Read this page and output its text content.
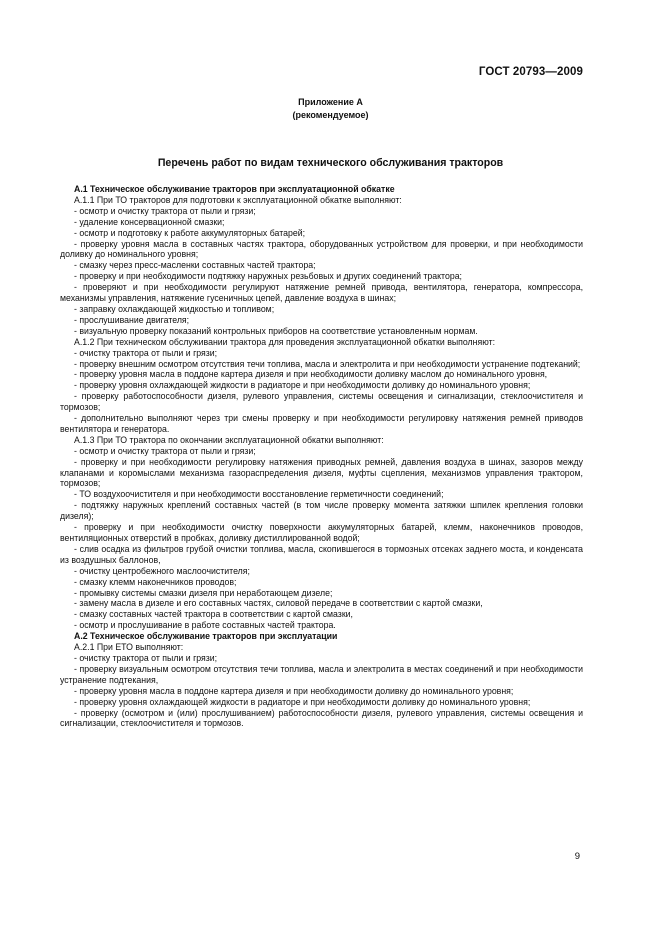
ГОСТ 20793—2009
Приложение А
(рекомендуемое)
Перечень работ по видам технического обслуживания тракторов

А.1 Техническое обслуживание тракторов при эксплуатационной обкатке

А.1.1 При ТО тракторов для подготовки к эксплуатационной обкатке выполняют:

- осмотр и очистку трактора от пыли и грязи;

- удаление консервационной смазки;

- осмотр и подготовку к работе аккумуляторных батарей;

- проверку уровня масла в составных частях трактора, оборудованных устройством для проверки, и при необходимости доливку до номинального уровня;

- смазку через пресс-масленки составных частей трактора;

- проверку и при необходимости подтяжку наружных резьбовых и других соединений трактора;

- проверяют и при необходимости регулируют натяжение ремней привода, вентилятора, генератора, компрессора, механизмы управления, натяжение гусеничных цепей, давление воздуха в шинах;

- заправку охлаждающей жидкостью и топливом;

- прослушивание двигателя;

- визуальную проверку показаний контрольных приборов на соответствие установленным нормам.

А.1.2 При техническом обслуживании трактора для проведения эксплуатационной обкатки выполняют:

- очистку трактора от пыли и грязи;

- проверку внешним осмотром отсутствия течи топлива, масла и электролита и при необходимости устранение подтеканий;

- проверку уровня масла в поддоне картера дизеля и при необходимости доливку маслом до номинального уровня,

- проверку уровня охлаждающей жидкости в радиаторе и при необходимости доливку до номинального уровня;

- проверку работоспособности дизеля, рулевого управления, системы освещения и сигнализации, стеклоочистителя и тормозов;

- дополнительно выполняют через три смены проверку и при необходимости регулировку натяжения ремней приводов вентилятора и генератора.

А.1.3 При ТО трактора по окончании эксплуатационной обкатки выполняют:

- осмотр и очистку трактора от пыли и грязи;

- проверку и при необходимости регулировку натяжения приводных ремней, давления воздуха в шинах, зазоров между клапанами и коромыслами механизма газораспределения дизеля, муфты сцепления, механизмов управления трактором, тормозов;

- ТО воздухоочистителя и при необходимости восстановление герметичности соединений;

- подтяжку наружных креплений составных частей (в том числе проверку момента затяжки шпилек крепления головки дизеля);

- проверку и при необходимости очистку поверхности аккумуляторных батарей, клемм, наконечников проводов, вентиляционных отверстий в пробках, доливку дистиллированной водой;

- слив осадка из фильтров грубой очистки топлива, масла, скопившегося в тормозных отсеках заднего моста, и конденсата из воздушных баллонов,

- очистку центробежного маслоочистителя;

- смазку клемм наконечников проводов;

- промывку системы смазки дизеля при неработающем дизеле;

- замену масла в дизеле и его составных частях, силовой передаче в соответствии с картой смазки,

- смазку составных частей трактора в соответствии с картой смазки,

- осмотр и прослушивание в работе составных частей трактора.

А.2 Техническое обслуживание тракторов при эксплуатации

А.2.1 При ЕТО выполняют:

- очистку трактора от пыли и грязи;

- проверку визуальным осмотром отсутствия течи топлива, масла и электролита в местах соединений и при необходимости устранение подтекания,

- проверку уровня масла в поддоне картера дизеля и при необходимости доливку до номинального уровня;

- проверку уровня охлаждающей жидкости в радиаторе и при необходимости доливку до номинального уровня;

- проверку (осмотром и (или) прослушиванием) работоспособности дизеля, рулевого управления, системы освещения и сигнализации, стеклоочистителя и тормозов.

9
